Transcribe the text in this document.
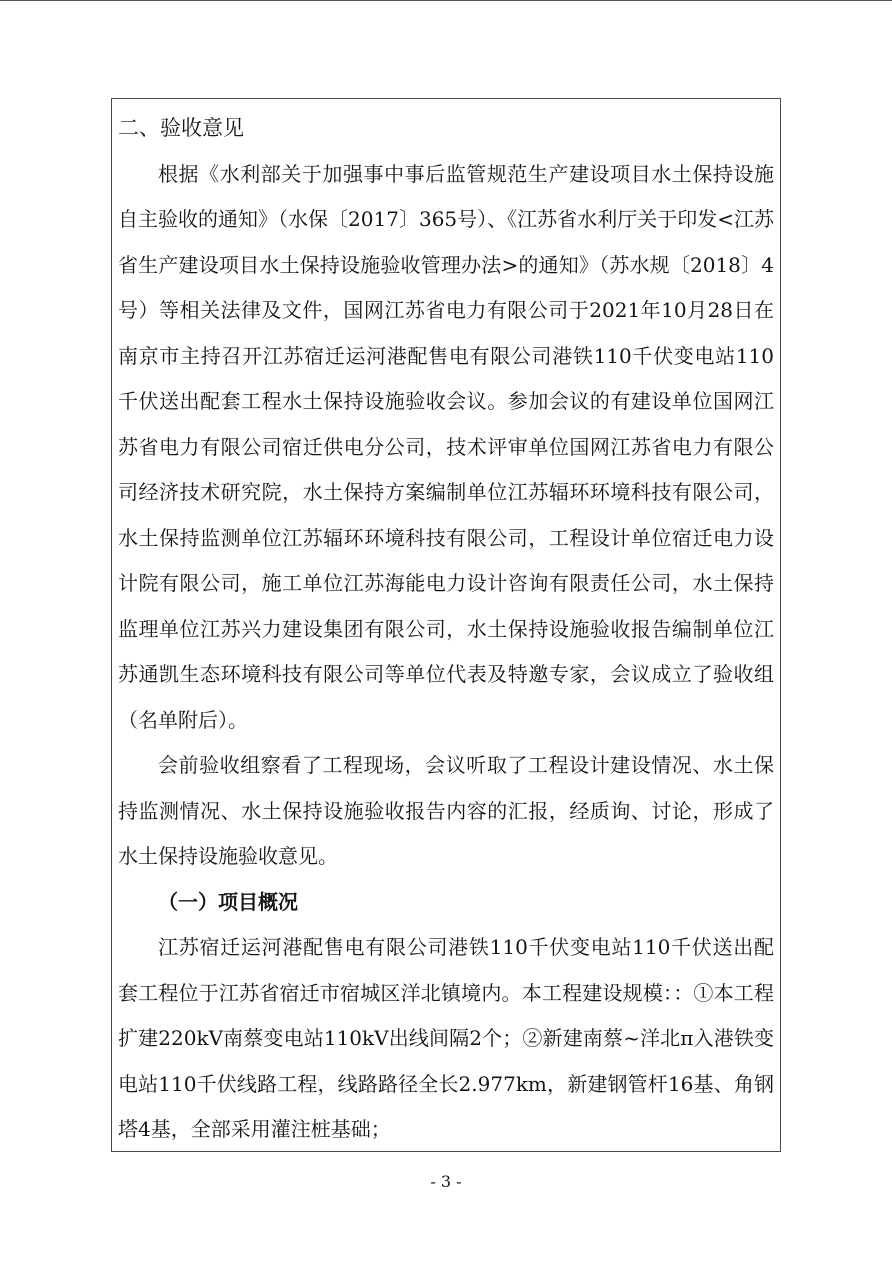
二、验收意见

根据《水利部关于加强事中事后监管规范生产建设项目水土保持设施自主验收的通知》（水保〔2017〕365号）、《江苏省水利厅关于印发<江苏省生产建设项目水土保持设施验收管理办法>的通知》（苏水规〔2018〕4号）等相关法律及文件，国网江苏省电力有限公司于2021年10月28日在南京市主持召开江苏宿迁运河港配售电有限公司港铁110千伏变电站110千伏送出配套工程水土保持设施验收会议。参加会议的有建设单位国网江苏省电力有限公司宿迁供电分公司，技术评审单位国网江苏省电力有限公司经济技术研究院，水土保持方案编制单位江苏辐环环境科技有限公司，水土保持监测单位江苏辐环环境科技有限公司，工程设计单位宿迁电力设计院有限公司，施工单位江苏海能电力设计咨询有限责任公司，水土保持监理单位江苏兴力建设集团有限公司，水土保持设施验收报告编制单位江苏通凯生态环境科技有限公司等单位代表及特邀专家，会议成立了验收组（名单附后）。

会前验收组察看了工程现场，会议听取了工程设计建设情况、水土保持监测情况、水土保持设施验收报告内容的汇报，经质询、讨论，形成了水土保持设施验收意见。

（一）项目概况

江苏宿迁运河港配售电有限公司港铁110千伏变电站110千伏送出配套工程位于江苏省宿迁市宿城区洋北镇境内。本工程建设规模：：①本工程扩建220kV南蔡变电站110kV出线间隔2个；②新建南蔡~洋北π入港铁变电站110千伏线路工程，线路路径全长2.977km，新建钢管杆16基、角钢塔4基，全部采用灌注桩基础；

- 3 -
